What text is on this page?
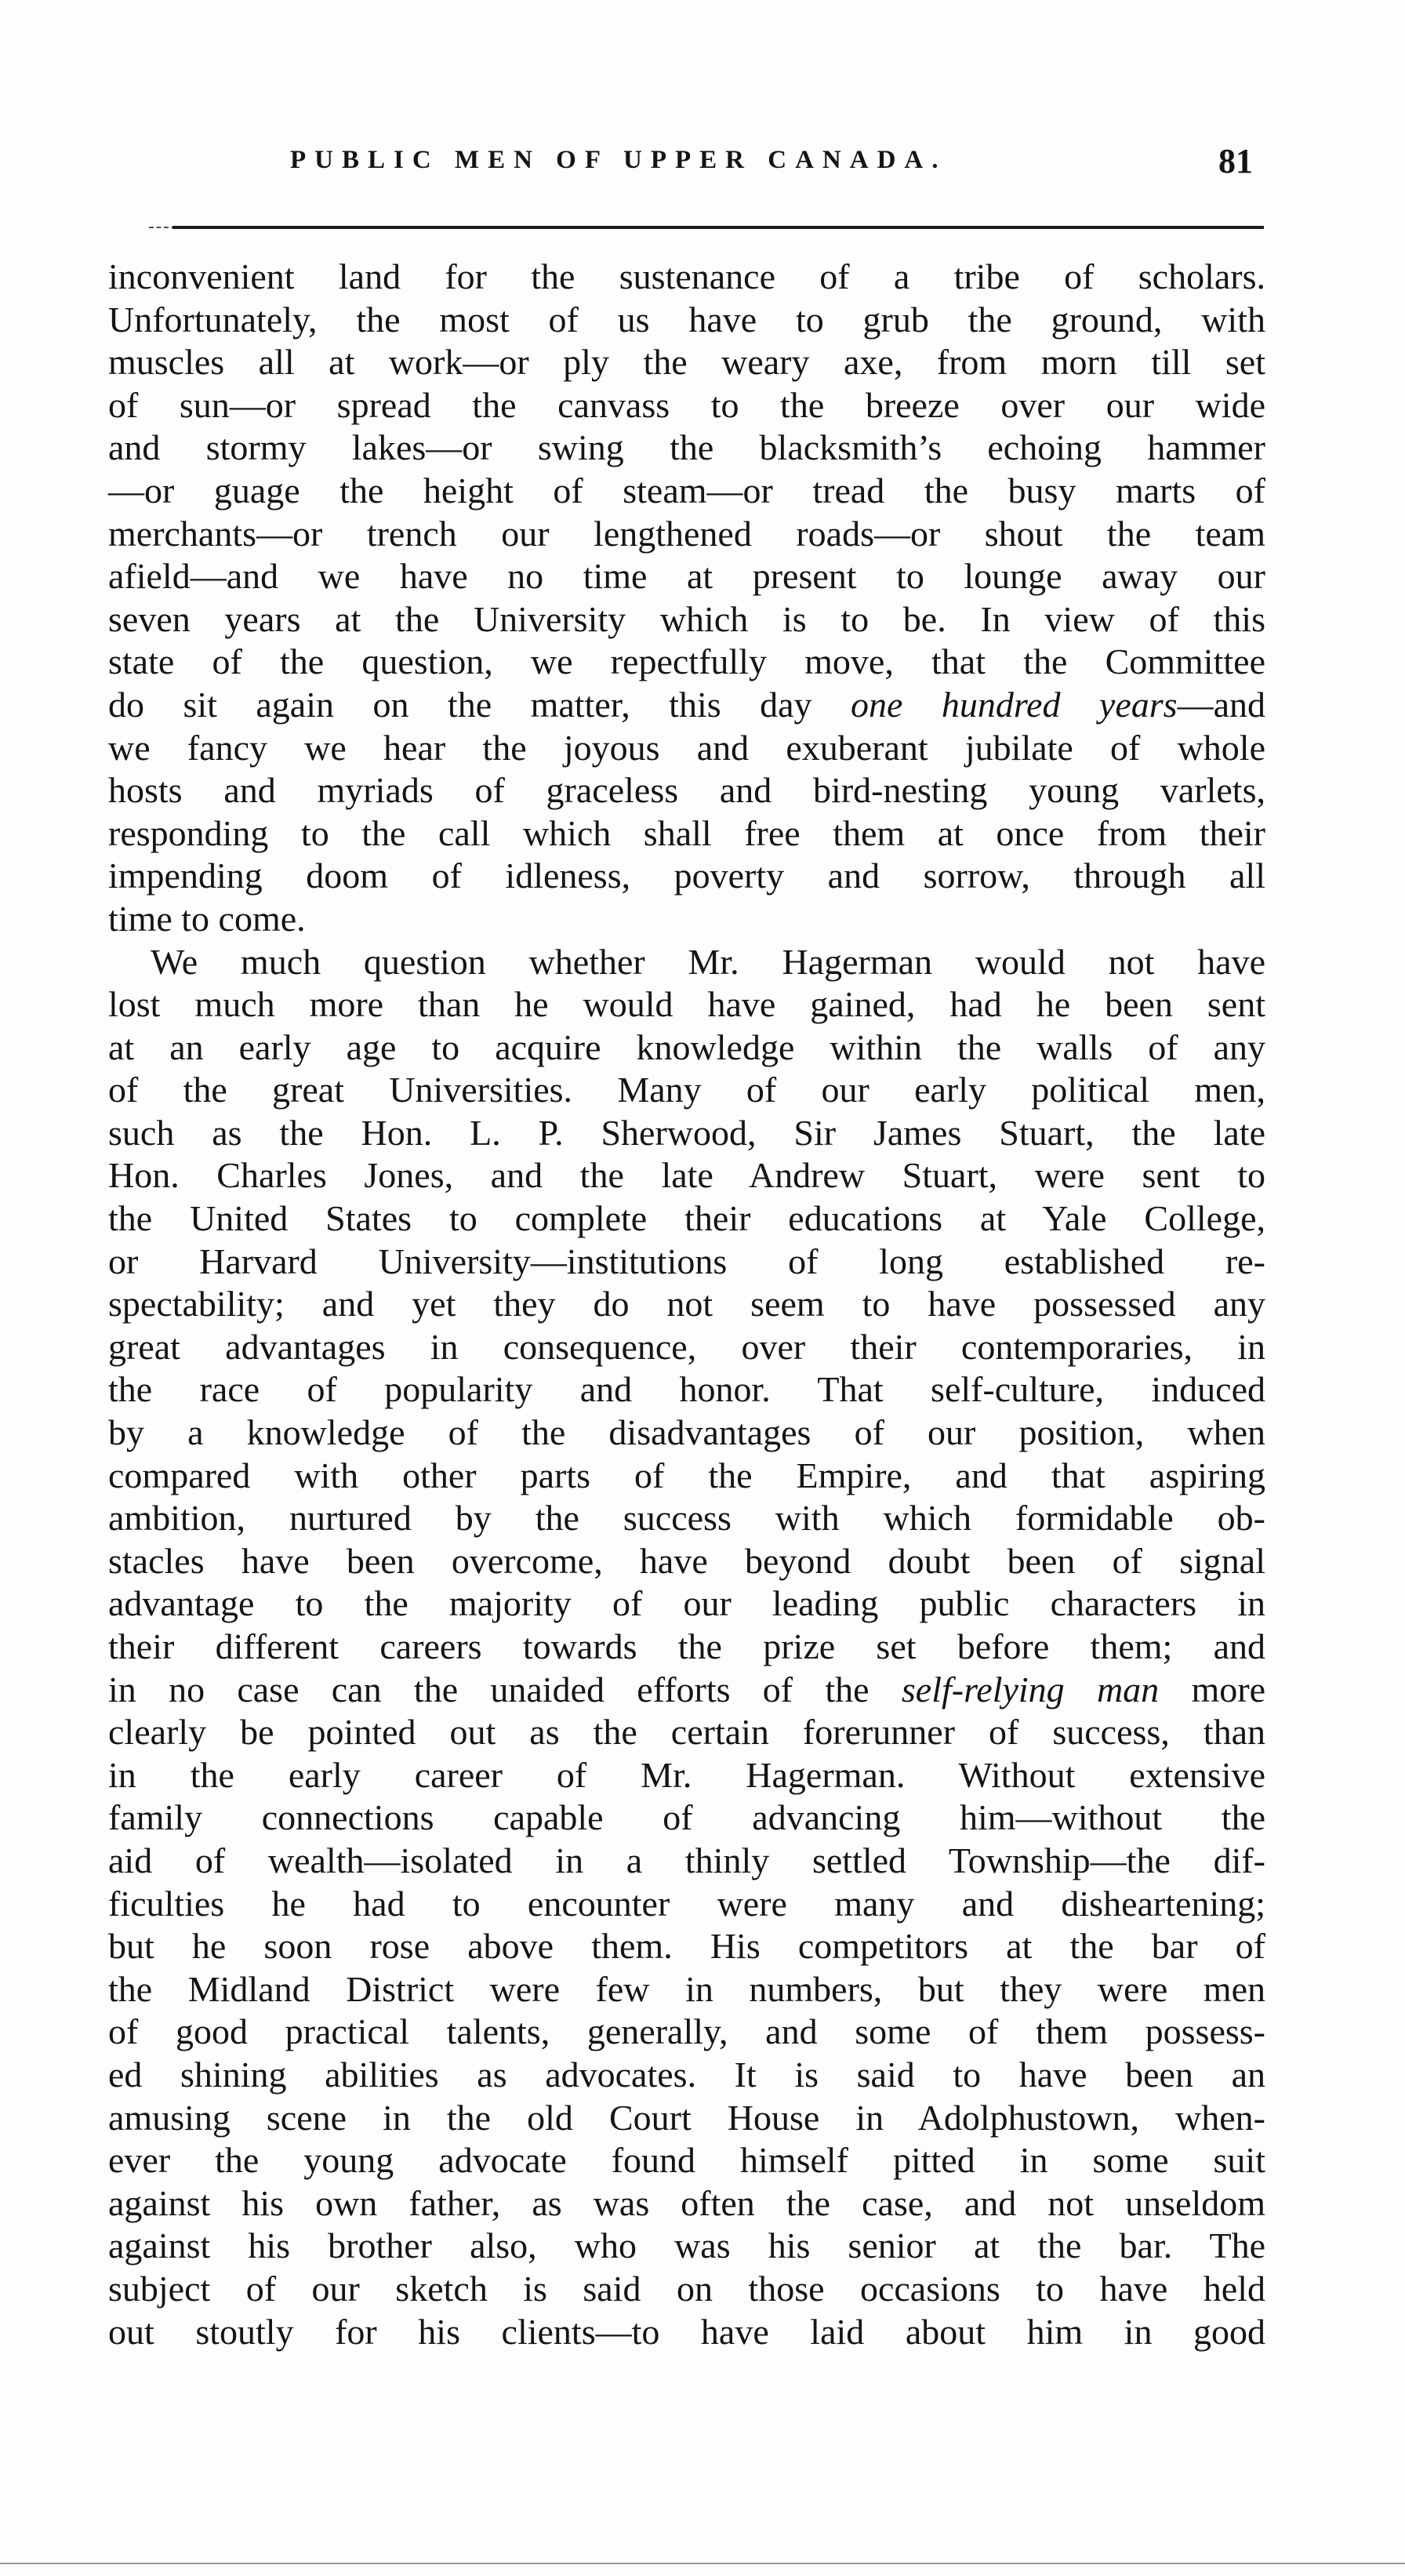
PUBLIC MEN OF UPPER CANADA.	81
inconvenient land for the sustenance of a tribe of scholars.
Unfortunately, the most of us have to grub the ground, with
muscles all at work—or ply the weary axe, from morn till set
of sun—or spread the canvass to the breeze over our wide
and stormy lakes—or swing the blacksmith’s echoing hammer
—or guage the height of steam—or tread the busy marts of
merchants—or trench our lengthened roads—or shout the team
afield—and we have no time at present to lounge away our
seven years at the University which is to be. In view of this
state of the question, we repectfully move, that the Committee
do sit again on the matter, this day one hundred years—and
we fancy we hear the joyous and exuberant jubilate of whole
hosts and myriads of graceless and bird-nesting young varlets,
responding to the call which shall free them at once from their
impending doom of idleness, poverty and sorrow, through all
time to come.
We much question whether Mr. Hagerman would not have
lost much more than he would have gained, had he been sent
at an early age to acquire knowledge within the walls of any
of the great Universities. Many of our early political men,
such as the Hon. L. P. Sherwood, Sir James Stuart, the late
Hon. Charles Jones, and the late Andrew Stuart, were sent to
the United States to complete their educations at Yale College,
or Harvard University—institutions of long established re-
spectability; and yet they do not seem to have possessed any
great advantages in consequence, over their contemporaries, in
the race of popularity and honor. That self-culture, induced
by a knowledge of the disadvantages of our position, when
compared with other parts of the Empire, and that aspiring
ambition, nurtured by the success with which formidable ob-
stacles have been overcome, have beyond doubt been of signal
advantage to the majority of our leading public characters in
their different careers towards the prize set before them; and
in no case can the unaided efforts of the self-relying man more
clearly be pointed out as the certain forerunner of success, than
in the early career of Mr. Hagerman. Without extensive
family connections capable of advancing him—without the
aid of wealth—isolated in a thinly settled Township—the dif-
ficulties he had to encounter were many and disheartening;
but he soon rose above them. His competitors at the bar of
the Midland District were few in numbers, but they were men
of good practical talents, generally, and some of them possess-
ed shining abilities as advocates. It is said to have been an
amusing scene in the old Court House in Adolphustown, when-
ever the young advocate found himself pitted in some suit
against his own father, as was often the case, and not unseldom
against his brother also, who was his senior at the bar. The
subject of our sketch is said on those occasions to have held
out stoutly for his clients—to have laid about him in good
